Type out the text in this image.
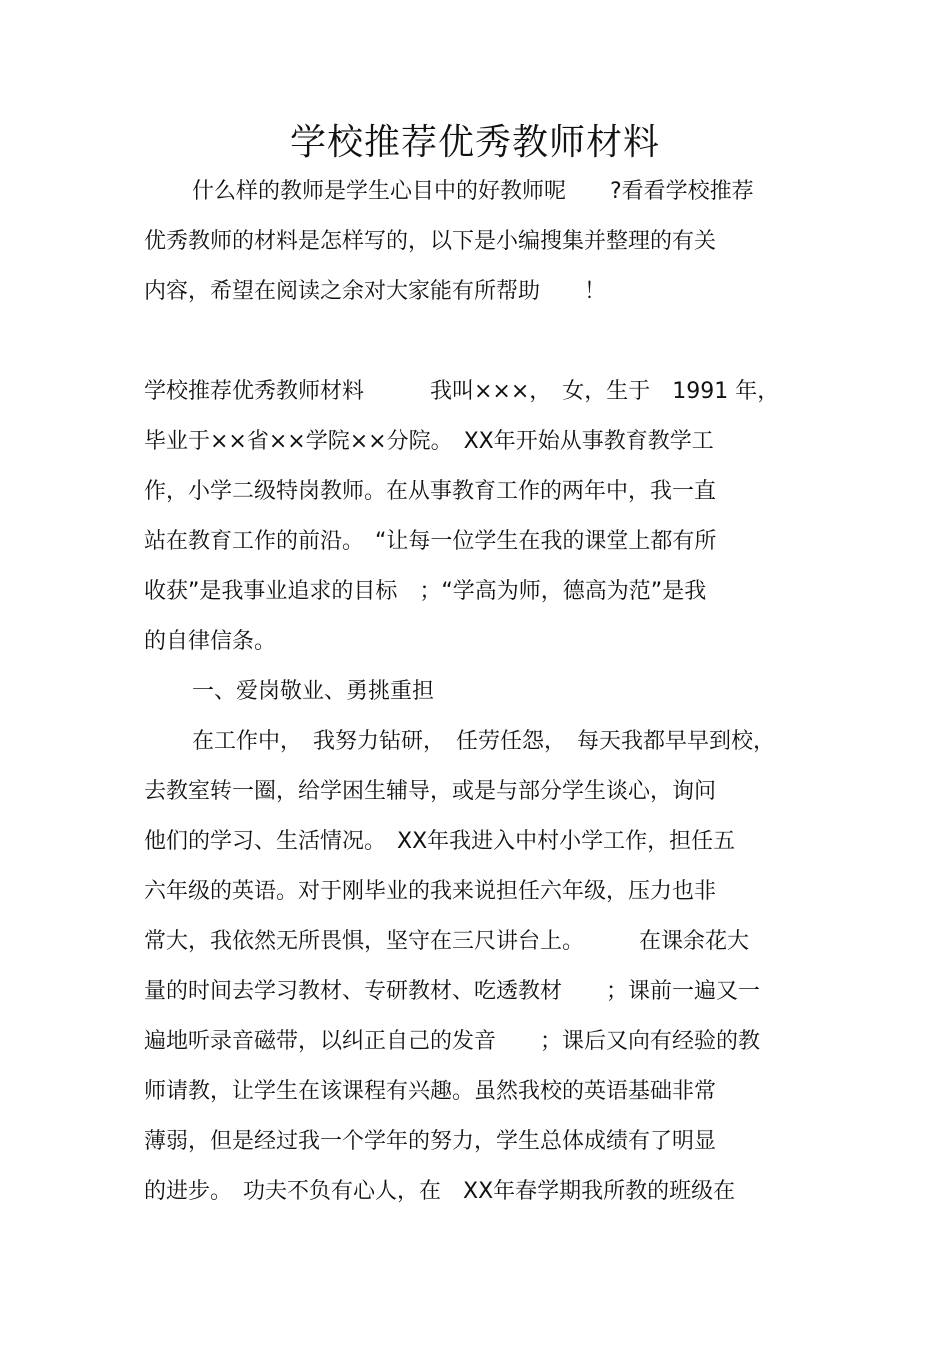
学校推荐优秀教师材料
什么样的教师是学生心目中的好教师呢　　?看看学校推荐
优秀教师的材料是怎样写的，以下是小编搜集并整理的有关
内容，希望在阅读之余对大家能有所帮助　　！
学校推荐优秀教师材料　　　我叫×××，　女，生于　1991 年，
毕业于××省××学院××分院。　XX年开始从事教育教学工
作，小学二级特岗教师。在从事教育工作的两年中，我一直
站在教育工作的前沿。　“让每一位学生在我的课堂上都有所
收获”是我事业追求的目标　；“学高为师，德高为范”是我
的自律信条。
一、爱岗敬业、勇挑重担
在工作中，　我努力钻研，　任劳任怨，　每天我都早早到校，
去教室转一圈，给学困生辅导，或是与部分学生谈心，询问
他们的学习、生活情况。　XX年我进入中村小学工作，担任五
六年级的英语。对于刚毕业的我来说担任六年级，压力也非
常大，我依然无所畏惧，坚守在三尺讲台上。　　　在课余花大
量的时间去学习教材、专研教材、吃透教材　　；课前一遍又一
遍地听录音磁带，以纠正自己的发音　　；课后又向有经验的教
师请教，让学生在该课程有兴趣。虽然我校的英语基础非常
薄弱，但是经过我一个学年的努力，学生总体成绩有了明显
的进步。　功夫不负有心人，在　XX年春学期我所教的班级在
